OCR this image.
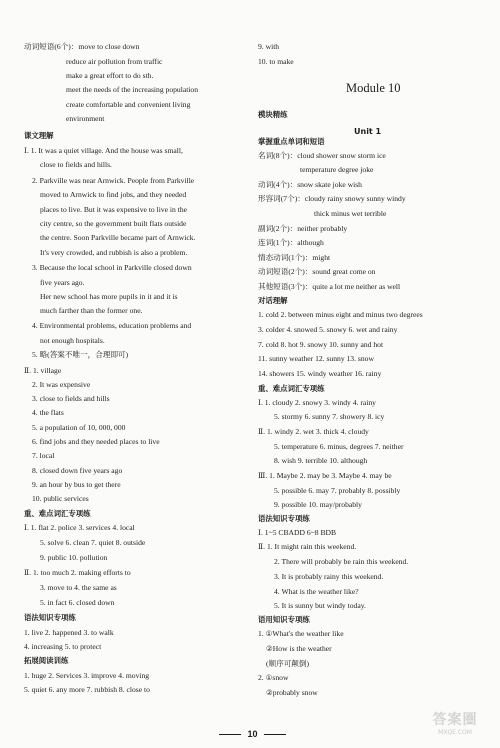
动词短语(6个)：move to close down
reduce air pollution from traffic
make a great effort to do sth.
meet the needs of the increasing population
create comfortable and convenient living
environment
课文理解
Ⅰ. 1. It was a quiet village. And the house was small,
close to fields and hills.
2. Parkville was near Arnwick. People from Parkville
moved to Arnwick to find jobs, and they needed
places to live. But it was expensive to live in the
city centre, so the government built flats outside
the centre. Soon Parkville became part of Arnwick.
It's very crowded, and rubbish is also a problem.
3. Because the local school in Parkville closed down
five years ago.
Her new school has more pupils in it and it is
much farther than the former one.
4. Environmental problems, education problems and
not enough hospitals.
5. 略(答案不唯一，合理即可)
Ⅱ. 1. village
2. It was expensive
3. close to fields and hills
4. the flats
5. a population of 10, 000, 000
6. find jobs and they needed places to live
7. local
8. closed down five years ago
9. an hour by bus to get there
10. public services
重、难点词汇专项练
Ⅰ. 1. flat 2. police 3. services 4. local
5. solve 6. clean 7. quiet 8. outside
9. public 10. pollution
Ⅱ. 1. too much 2. making efforts to
3. move to 4. the same as
5. in fact 6. closed down
语法知识专项练
1. live 2. happened 3. to walk
4. increasing 5. to protect
拓展阅读训练
1. huge 2. Services 3. improve 4. moving
5. quiet 6. any more 7. rubbish 8. close to
Module 10
Unit 1
9. with
10. to make
模块精练
掌握重点单词和短语
名词(8个)：cloud shower snow storm ice
temperature degree joke
动词(4个)：snow skate joke wish
形容词(7个)：cloudy rainy snowy sunny windy
thick minus wet terrible
副词(2个)：neither probably
连词(1个)：although
情态动词(1个)：might
动词短语(2个)：sound great come on
其他短语(3个)：quite a lot me neither as well
对话理解
1. cold 2. between minus eight and minus two degrees
3. colder 4. snowed 5. snowy 6. wet and rainy
7. cold 8. hot 9. snowy 10. sunny and hot
11. sunny weather 12. sunny 13. snow
14. showers 15. windy weather 16. rainy
重、难点词汇专项练
Ⅰ. 1. cloudy 2. snowy 3. windy 4. rainy
5. stormy 6. sunny 7. showery 8. icy
Ⅱ. 1. windy 2. wet 3. thick 4. cloudy
5. temperature 6. minus, degrees 7. neither
8. wish 9. terrible 10. although
Ⅲ. 1. Maybe 2. may be 3. Maybe 4. may be
5. possible 6. may 7. probably 8. possibly
9. possible 10. may/probably
语法知识专项练
Ⅰ. 1~5 CBADD 6~8 BDB
Ⅱ. 1. It might rain this weekend.
2. There will probably be rain this weekend.
3. It is probably rainy this weekend.
4. What is the weather like?
5. It is sunny but windy today.
语用知识专项练
1. ①What's the weather like
②How is the weather
(顺序可颠倒)
2. ①snow
②probably snow
10
答案圈
MXQE.COM
